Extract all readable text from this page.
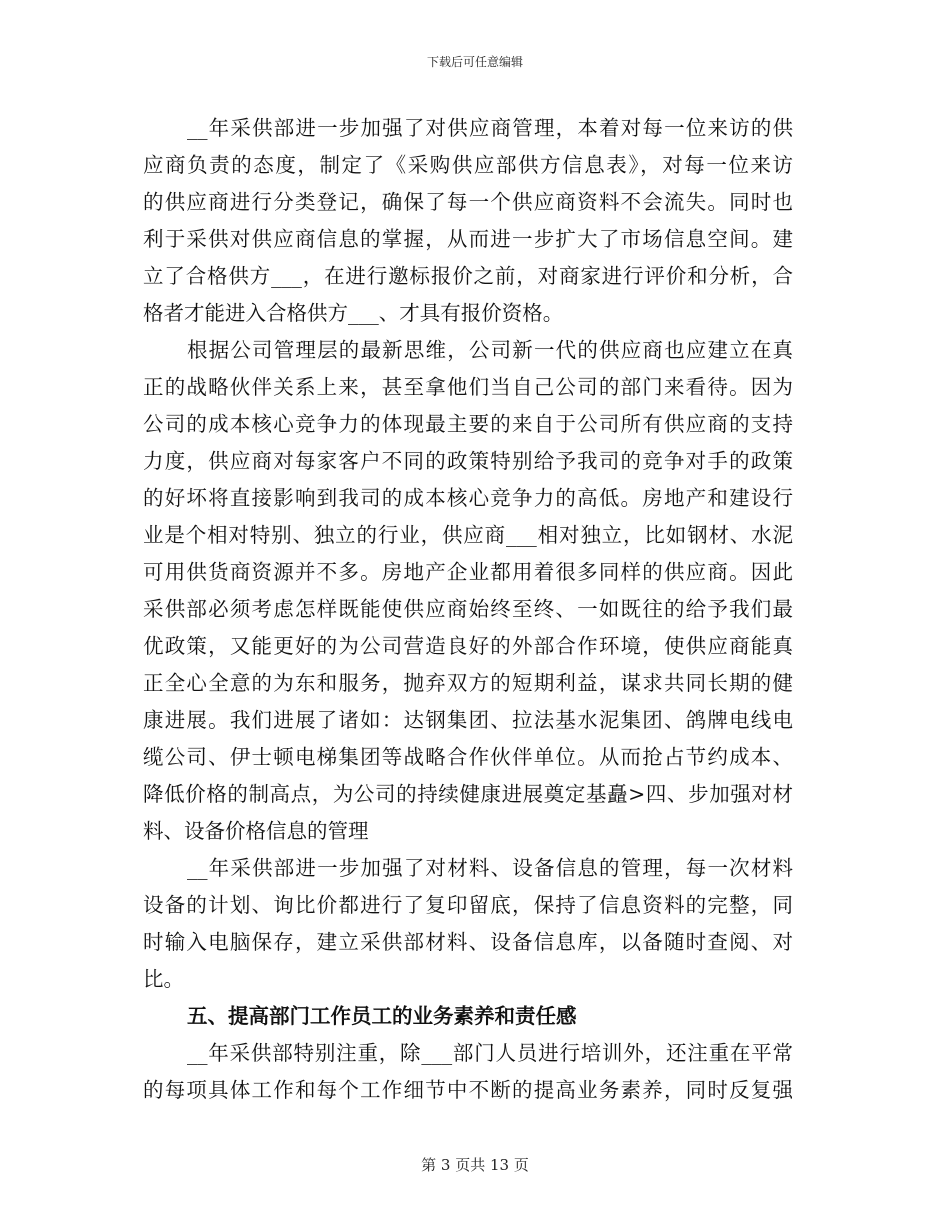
下载后可任意编辑
__年采供部进一步加强了对供应商管理，本着对每一位来访的供
应商负责的态度，制定了《采购供应部供方信息表》，对每一位来访
的供应商进行分类登记，确保了每一个供应商资料不会流失。同时也
利于采供对供应商信息的掌握，从而进一步扩大了市场信息空间。建
立了合格供方___，在进行邀标报价之前，对商家进行评价和分析，合
格者才能进入合格供方___、才具有报价资格。
根据公司管理层的最新思维，公司新一代的供应商也应建立在真
正的战略伙伴关系上来，甚至拿他们当自己公司的部门来看待。因为
公司的成本核心竞争力的体现最主要的来自于公司所有供应商的支持
力度，供应商对每家客户不同的政策特别给予我司的竞争对手的政策
的好坏将直接影响到我司的成本核心竞争力的高低。房地产和建设行
业是个相对特别、独立的行业，供应商___相对独立，比如钢材、水泥
可用供货商资源并不多。房地产企业都用着很多同样的供应商。因此
采供部必须考虑怎样既能使供应商始终至终、一如既往的给予我们最
优政策，又能更好的为公司营造良好的外部合作环境，使供应商能真
正全心全意的为东和服务，抛弃双方的短期利益，谋求共同长期的健
康进展。我们进展了诸如：达钢集团、拉法基水泥集团、鸽牌电线电
缆公司、伊士顿电梯集团等战略合作伙伴单位。从而抢占节约成本、
降低价格的制高点，为公司的持续健康进展奠定基矗>四、步加强对材
料、设备价格信息的管理
__年采供部进一步加强了对材料、设备信息的管理，每一次材料
设备的计划、询比价都进行了复印留底，保持了信息资料的完整，同
时输入电脑保存，建立采供部材料、设备信息库，以备随时查阅、对
比。
五、提高部门工作员工的业务素养和责任感
__年采供部特别注重，除___部门人员进行培训外，还注重在平常
的每项具体工作和每个工作细节中不断的提高业务素养，同时反复强
第 3 页共 13 页
